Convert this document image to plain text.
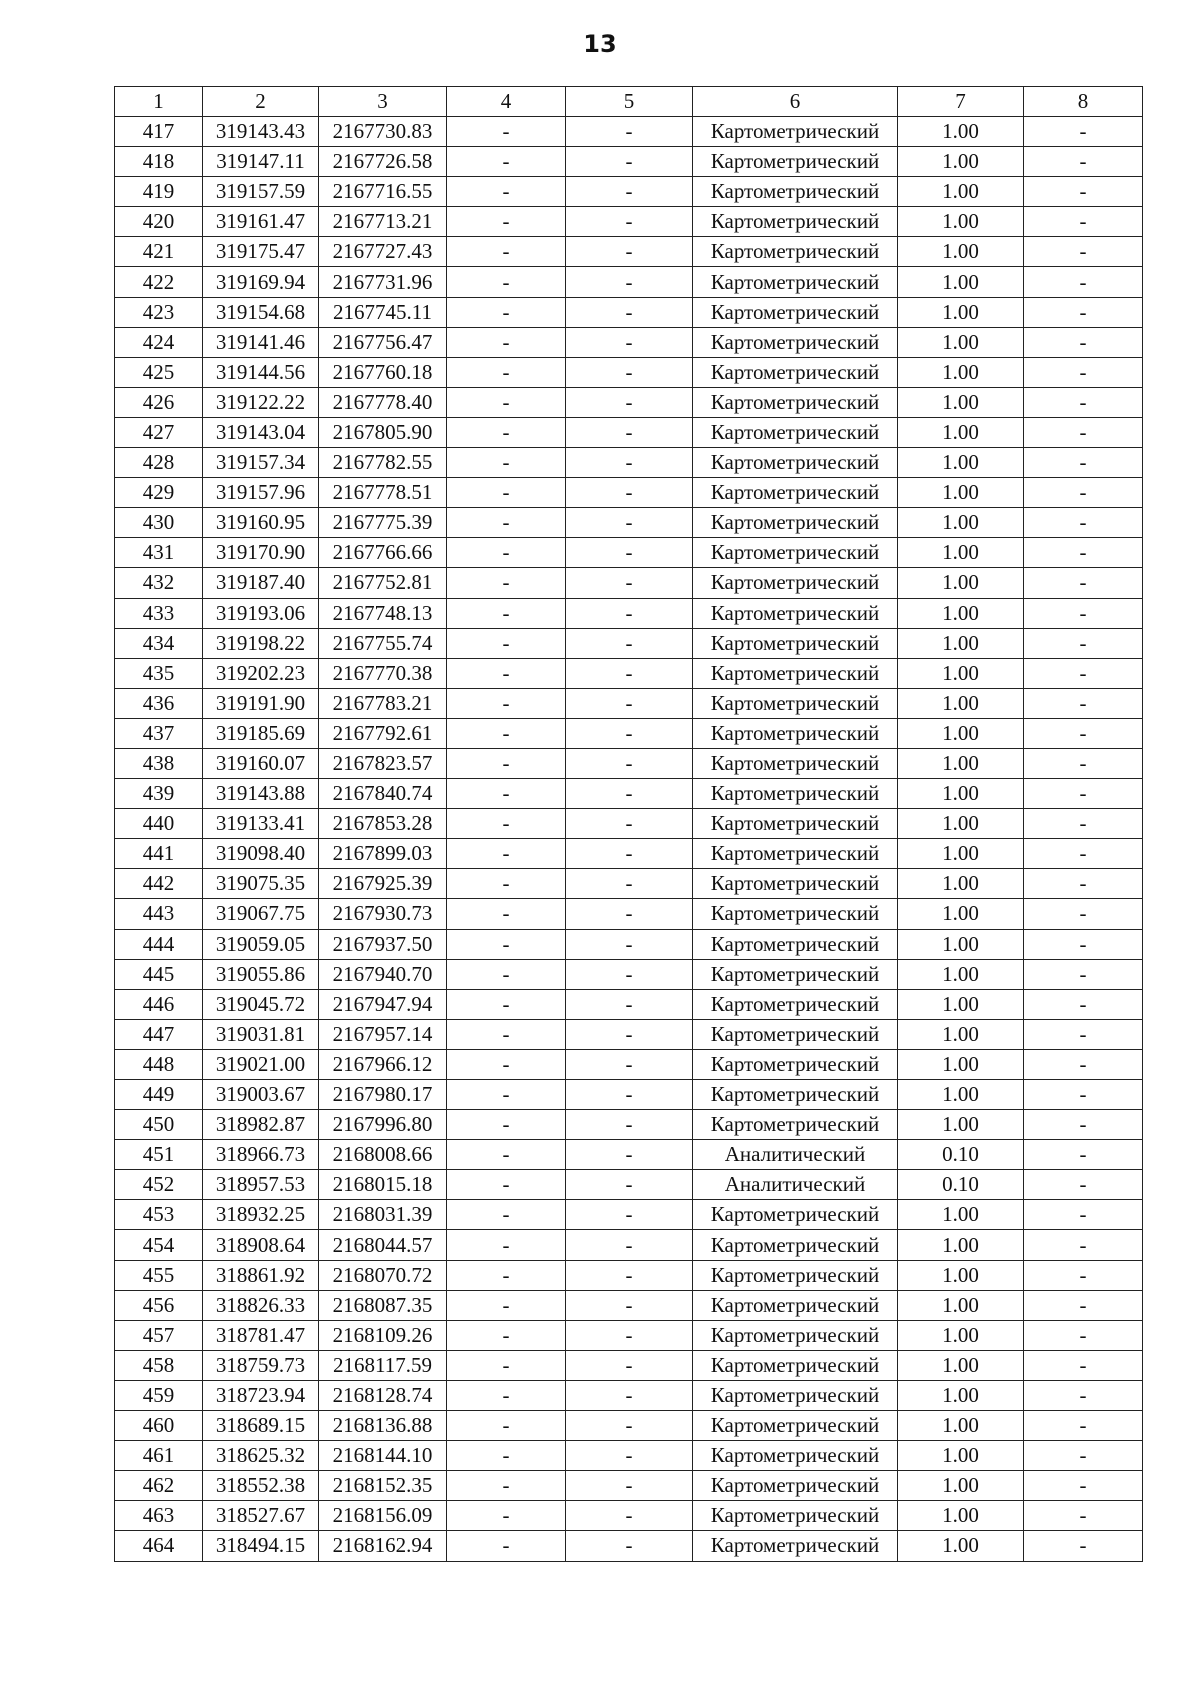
13
1	2	3	4	5	6	7	8
417	319143.43	2167730.83	-	-	Картометрический	1.00	-
418	319147.11	2167726.58	-	-	Картометрический	1.00	-
419	319157.59	2167716.55	-	-	Картометрический	1.00	-
420	319161.47	2167713.21	-	-	Картометрический	1.00	-
421	319175.47	2167727.43	-	-	Картометрический	1.00	-
422	319169.94	2167731.96	-	-	Картометрический	1.00	-
423	319154.68	2167745.11	-	-	Картометрический	1.00	-
424	319141.46	2167756.47	-	-	Картометрический	1.00	-
425	319144.56	2167760.18	-	-	Картометрический	1.00	-
426	319122.22	2167778.40	-	-	Картометрический	1.00	-
427	319143.04	2167805.90	-	-	Картометрический	1.00	-
428	319157.34	2167782.55	-	-	Картометрический	1.00	-
429	319157.96	2167778.51	-	-	Картометрический	1.00	-
430	319160.95	2167775.39	-	-	Картометрический	1.00	-
431	319170.90	2167766.66	-	-	Картометрический	1.00	-
432	319187.40	2167752.81	-	-	Картометрический	1.00	-
433	319193.06	2167748.13	-	-	Картометрический	1.00	-
434	319198.22	2167755.74	-	-	Картометрический	1.00	-
435	319202.23	2167770.38	-	-	Картометрический	1.00	-
436	319191.90	2167783.21	-	-	Картометрический	1.00	-
437	319185.69	2167792.61	-	-	Картометрический	1.00	-
438	319160.07	2167823.57	-	-	Картометрический	1.00	-
439	319143.88	2167840.74	-	-	Картометрический	1.00	-
440	319133.41	2167853.28	-	-	Картометрический	1.00	-
441	319098.40	2167899.03	-	-	Картометрический	1.00	-
442	319075.35	2167925.39	-	-	Картометрический	1.00	-
443	319067.75	2167930.73	-	-	Картометрический	1.00	-
444	319059.05	2167937.50	-	-	Картометрический	1.00	-
445	319055.86	2167940.70	-	-	Картометрический	1.00	-
446	319045.72	2167947.94	-	-	Картометрический	1.00	-
447	319031.81	2167957.14	-	-	Картометрический	1.00	-
448	319021.00	2167966.12	-	-	Картометрический	1.00	-
449	319003.67	2167980.17	-	-	Картометрический	1.00	-
450	318982.87	2167996.80	-	-	Картометрический	1.00	-
451	318966.73	2168008.66	-	-	Аналитический	0.10	-
452	318957.53	2168015.18	-	-	Аналитический	0.10	-
453	318932.25	2168031.39	-	-	Картометрический	1.00	-
454	318908.64	2168044.57	-	-	Картометрический	1.00	-
455	318861.92	2168070.72	-	-	Картометрический	1.00	-
456	318826.33	2168087.35	-	-	Картометрический	1.00	-
457	318781.47	2168109.26	-	-	Картометрический	1.00	-
458	318759.73	2168117.59	-	-	Картометрический	1.00	-
459	318723.94	2168128.74	-	-	Картометрический	1.00	-
460	318689.15	2168136.88	-	-	Картометрический	1.00	-
461	318625.32	2168144.10	-	-	Картометрический	1.00	-
462	318552.38	2168152.35	-	-	Картометрический	1.00	-
463	318527.67	2168156.09	-	-	Картометрический	1.00	-
464	318494.15	2168162.94	-	-	Картометрический	1.00	-
